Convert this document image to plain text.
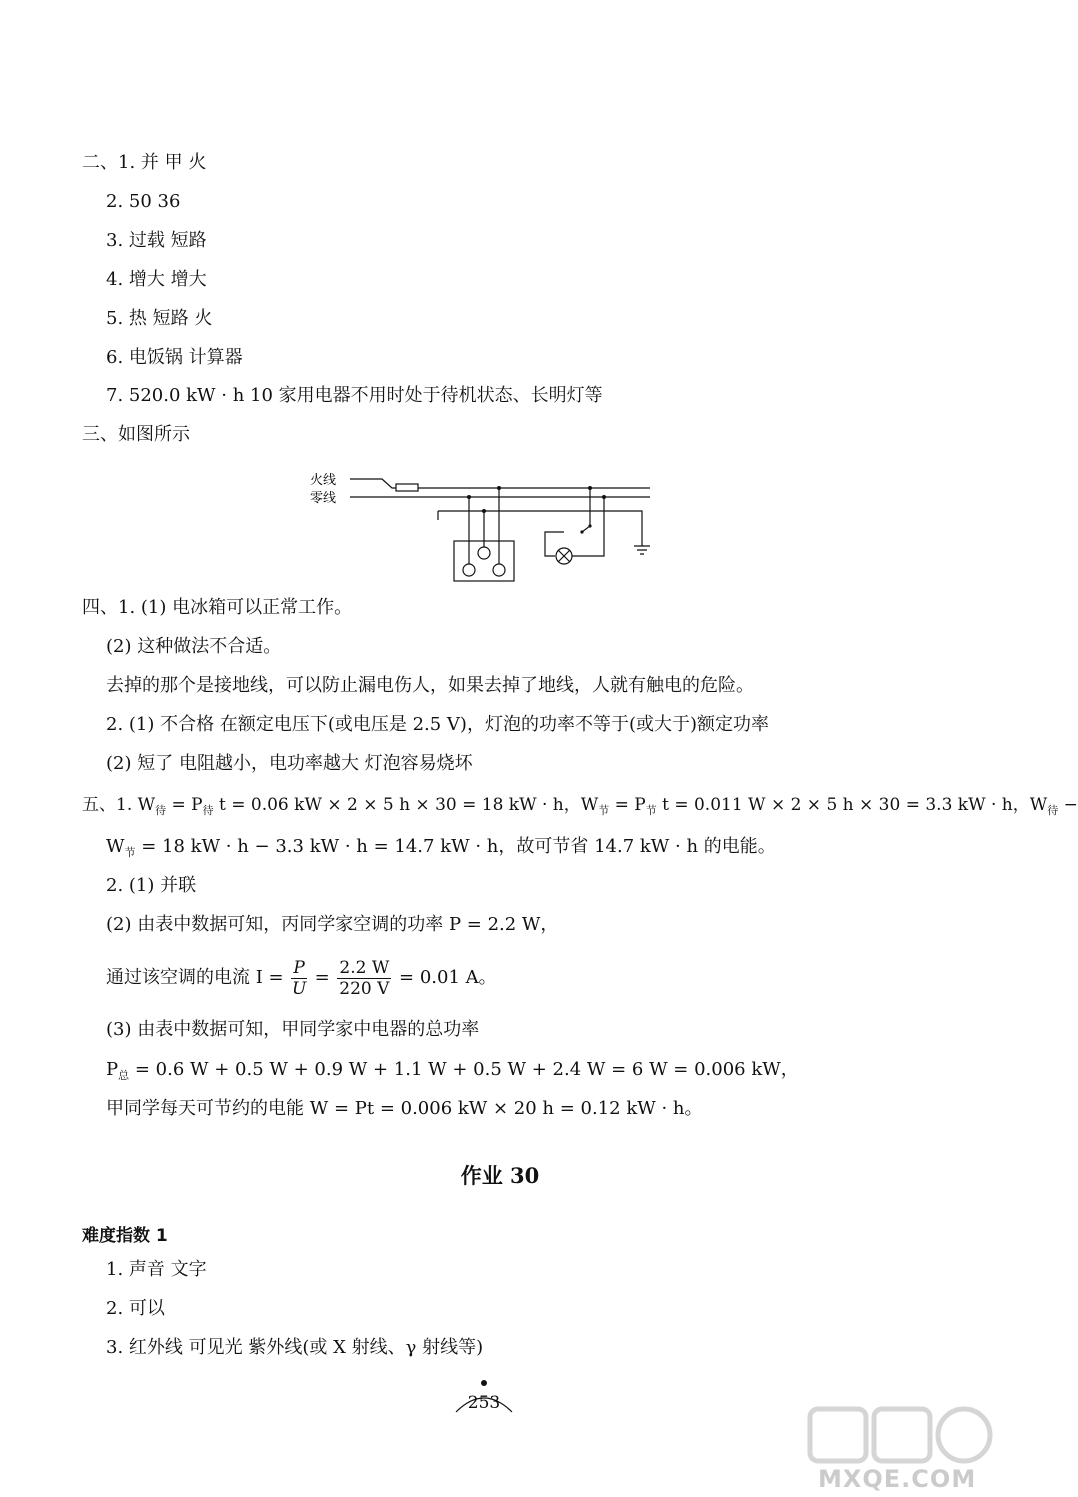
二、1. 并 甲 火
2. 50 36
3. 过载 短路
4. 增大 增大
5. 热 短路 火
6. 电饭锅 计算器
7. 520.0 kW · h 10 家用电器不用时处于待机状态、长明灯等
三、如图所示
火线
零线
四、1. (1) 电冰箱可以正常工作。
(2) 这种做法不合适。
去掉的那个是接地线，可以防止漏电伤人，如果去掉了地线，人就有触电的危险。
2. (1) 不合格 在额定电压下(或电压是 2.5 V)，灯泡的功率不等于(或大于)额定功率
(2) 短了 电阻越小，电功率越大 灯泡容易烧坏
五、1. $W_待 = P_待$ t = 0.06 kW × 2 × 5 h × 30 = 18 kW · h，$W_节 = P_节$ t = 0.011 W × 2 × 5 h × 30 = 3.3 kW · h，$W_待$ −
$W_节 = 18$ kW · h − 3.3 kW · h = 14.7 kW · h，故可节省 14.7 kW · h 的电能。
2. (1) 并联
(2) 由表中数据可知，丙同学家空调的功率 P = 2.2 W，
通过该空调的电流 $I = \frac{P}{U} = \frac{2.2 W}{220 V} = 0.01$ A。
(3) 由表中数据可知，甲同学家中电器的总功率
$P_总 = 0.6$ W + 0.5 W + 0.9 W + 1.1 W + 0.5 W + 2.4 W = 6 W = 0.006 kW，
甲同学每天可节约的电能 W = Pt = 0.006 kW × 20 h = 0.12 kW · h。
作业 30
难度指数 1
1. 声音 文字
2. 可以
3. 红外线 可见光 紫外线(或 X 射线、γ 射线等)
253
MXQE.COM
